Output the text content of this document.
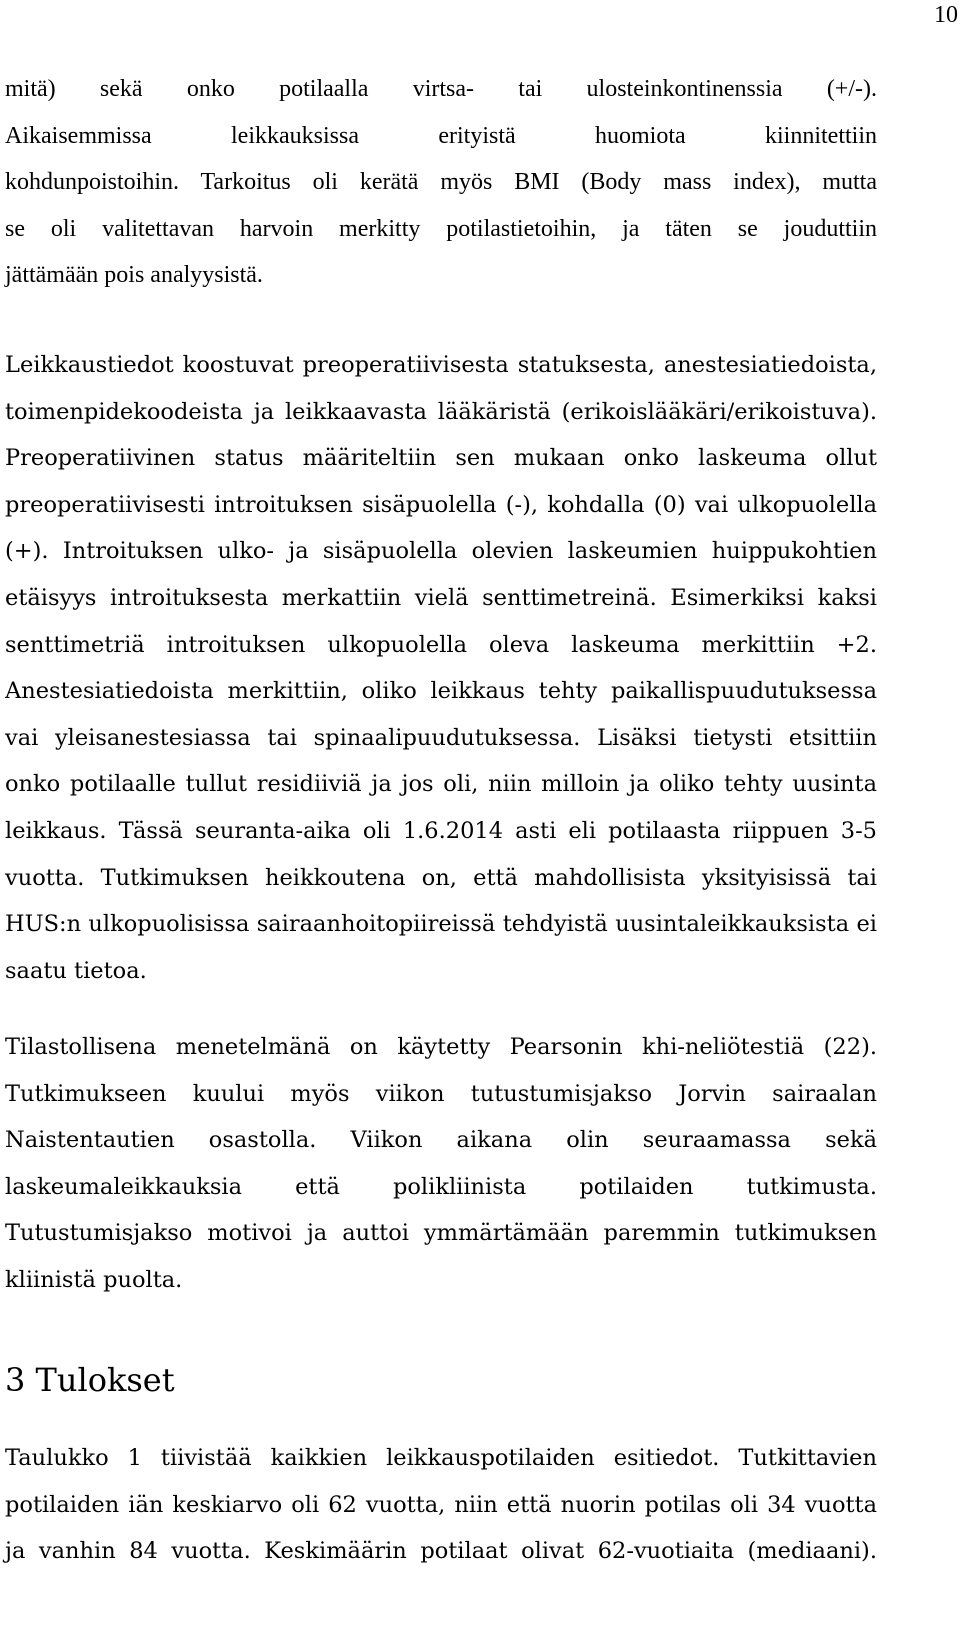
10
mitä) sekä onko potilaalla virtsa- tai ulosteinkontinenssia (+/-).
Aikaisemmissa leikkauksissa erityistä huomiota kiinnitettiin
kohdunpoistoihin. Tarkoitus oli kerätä myös BMI (Body mass index), mutta
se oli valitettavan harvoin merkitty potilastietoihin, ja täten se jouduttiin
jättämään pois analyysistä.
Leikkaustiedot koostuvat preoperatiivisesta statuksesta, anestesiatiedoista,
toimenpidekoodeista ja leikkaavasta lääkäristä (erikoislääkäri/erikoistuva).
Preoperatiivinen status määriteltiin sen mukaan onko laskeuma ollut
preoperatiivisesti introituksen sisäpuolella (-), kohdalla (0) vai ulkopuolella
(+). Introituksen ulko- ja sisäpuolella olevien laskeumien huippukohtien
etäisyys introituksesta merkattiin vielä senttimetreinä. Esimerkiksi kaksi
senttimetriä introituksen ulkopuolella oleva laskeuma merkittiin +2.
Anestesiatiedoista merkittiin, oliko leikkaus tehty paikallispuudutuksessa
vai yleisanestesiassa tai spinaalipuudutuksessa. Lisäksi tietysti etsittiin
onko potilaalle tullut residiiviä ja jos oli, niin milloin ja oliko tehty uusinta
leikkaus. Tässä seuranta-aika oli 1.6.2014 asti eli potilaasta riippuen 3-5
vuotta. Tutkimuksen heikkoutena on, että mahdollisista yksityisissä tai
HUS:n ulkopuolisissa sairaanhoitopiireissä tehdyistä uusintaleikkauksista ei
saatu tietoa.
Tilastollisena menetelmänä on käytetty Pearsonin khi-neliötestiä (22).
Tutkimukseen kuului myös viikon tutustumisjakso Jorvin sairaalan
Naistentautien osastolla. Viikon aikana olin seuraamassa sekä
laskeumaleikkauksia että polikliinista potilaiden tutkimusta.
Tutustumisjakso motivoi ja auttoi ymmärtämään paremmin tutkimuksen
kliinistä puolta.
3 Tulokset
Taulukko 1 tiivistää kaikkien leikkauspotilaiden esitiedot. Tutkittavien
potilaiden iän keskiarvo oli 62 vuotta, niin että nuorin potilas oli 34 vuotta
ja vanhin 84 vuotta. Keskimäärin potilaat olivat 62-vuotiaita (mediaani).
